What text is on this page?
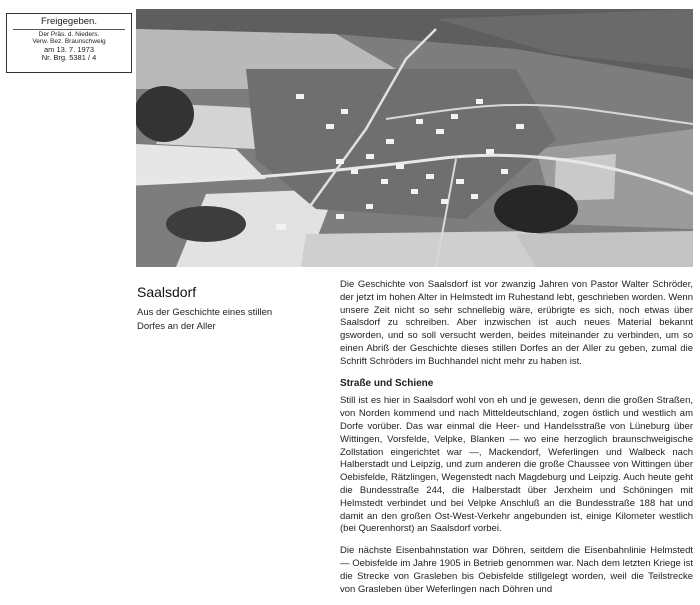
Freigegeben.
Der Präs. d. Nieders.
Verw. Bez. Braunschweig
am 13. 7. 1973
Nr. Brg. 5381 / 4
Saalsdorf
Aus der Geschichte eines stillen Dorfes an der Aller

Die Geschichte von Saalsdorf ist vor zwanzig Jahren von Pastor Walter Schröder, der jetzt im hohen Alter in Helmstedt im Ruhestand lebt, geschrieben worden. Wenn unsere Zeit nicht so sehr schnellebig wäre, erübrigte es sich, noch etwas über Saalsdorf zu schreiben. Aber inzwischen ist auch neues Material bekannt gsworden, und so soll versucht werden, beides miteinander zu verbinden, um so einen Abriß der Geschichte dieses stillen Dorfes an der Aller zu geben, zumal die Schrift Schröders im Buchhandel nicht mehr zu haben ist.

Straße und Schiene

Still ist es hier in Saalsdorf wohl von eh und je gewesen, denn die großen Straßen, von Norden kommend und nach Mitteldeutschland, zogen östlich und westlich am Dorfe vorüber. Das war einmal die Heer- und Handelsstraße von Lüneburg über Wittingen, Vorsfelde, Velpke, Blanken — wo eine herzoglich braunschweigische Zollstation eingerichtet war —, Mackendorf, Weferlingen und Walbeck nach Halberstadt und Leipzig, und zum anderen die große Chaussee von Wittingen über Oebisfelde, Rätzlingen, Wegenstedt nach Magdeburg und Leipzig. Auch heute geht die Bundesstraße 244, die Halberstadt über Jerxheim und Schöningen mit Helmstedt verbindet und bei Velpke Anschluß an die Bundesstraße 188 hat und damit an den großen Ost-West-Verkehr angebunden ist, einige Kilometer westlich (bei Querenhorst) an Saalsdorf vorbei.

Die nächste Eisenbahnstation war Döhren, seitdem die Eisenbahnlinie Helmstedt — Oebisfelde im Jahre 1905 in Betrieb genommen war. Nach dem letzten Kriege ist die Strecke von Grasleben bis Oebisfelde stillgelegt worden, weil die Teilstrecke von Grasleben über Weferlingen nach Döhren und
